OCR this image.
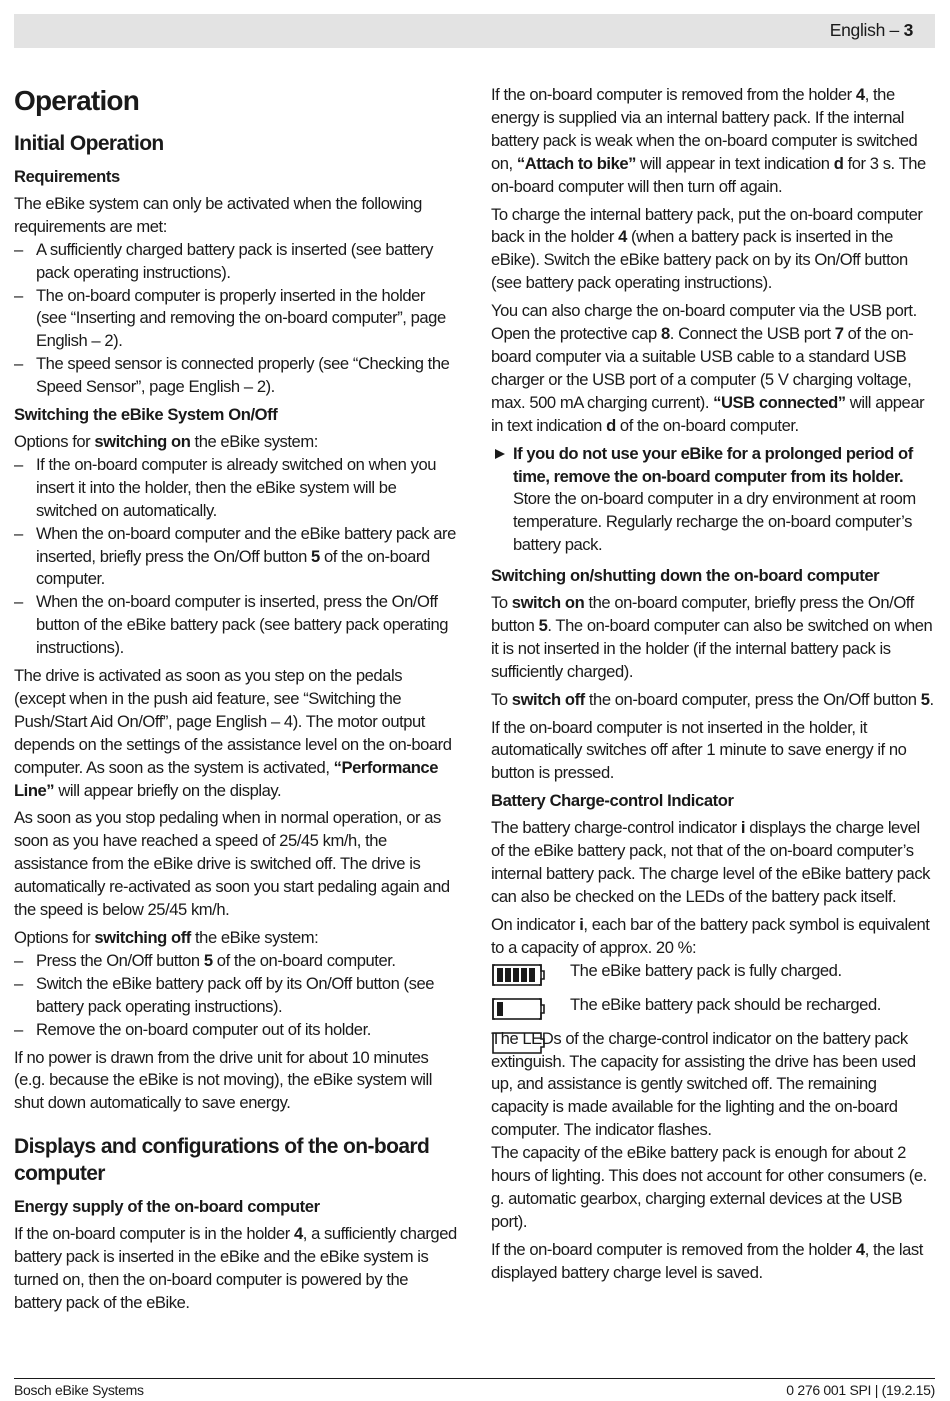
English – 3
Operation
Initial Operation
Requirements

The eBike system can only be activated when the following requirements are met:

– A sufficiently charged battery pack is inserted (see battery pack operating instructions).
– The on-board computer is properly inserted in the holder (see “Inserting and removing the on-board computer”, page English – 2).
– The speed sensor is connected properly (see “Checking the Speed Sensor”, page English – 2).
Switching the eBike System On/Off

Options for switching on the eBike system:

– If the on-board computer is already switched on when you insert it into the holder, then the eBike system will be switched on automatically.
– When the on-board computer and the eBike battery pack are inserted, briefly press the On/Off button 5 of the on-board computer.
– When the on-board computer is inserted, press the On/Off button of the eBike battery pack (see battery pack operating instructions).

The drive is activated as soon as you step on the pedals (except when in the push aid feature, see “Switching the Push/Start Aid On/Off”, page English – 4). The motor output depends on the settings of the assistance level on the on-board computer. As soon as the system is activated, “Performance Line” will appear briefly on the display.

As soon as you stop pedaling when in normal operation, or as soon as you have reached a speed of 25/45 km/h, the assistance from the eBike drive is switched off. The drive is automatically re-activated as soon you start pedaling again and the speed is below 25/45 km/h.

Options for switching off the eBike system:

– Press the On/Off button 5 of the on-board computer.
– Switch the eBike battery pack off by its On/Off button (see battery pack operating instructions).
– Remove the on-board computer out of its holder.

If no power is drawn from the drive unit for about 10 minutes (e.g. because the eBike is not moving), the eBike system will shut down automatically to save energy.

Displays and configurations of the on-board computer
Energy supply of the on-board computer

If the on-board computer is in the holder 4, a sufficiently charged battery pack is inserted in the eBike and the eBike system is turned on, then the on-board computer is powered by the battery pack of the eBike.

If the on-board computer is removed from the holder 4, the energy is supplied via an internal battery pack. If the internal battery pack is weak when the on-board computer is switched on, “Attach to bike” will appear in text indication d for 3 s. The on-board computer will then turn off again.

To charge the internal battery pack, put the on-board computer back in the holder 4 (when a battery pack is inserted in the eBike). Switch the eBike battery pack on by its On/Off button (see battery pack operating instructions).

You can also charge the on-board computer via the USB port. Open the protective cap 8. Connect the USB port 7 of the on-board computer via a suitable USB cable to a standard USB charger or the USB port of a computer (5 V charging voltage, max. 500 mA charging current). “USB connected” will appear in text indication d of the on-board computer.

If you do not use your eBike for a prolonged period of time, remove the on-board computer from its holder. Store the on-board computer in a dry environment at room temperature. Regularly recharge the on-board computer’s battery pack.
Switching on/shutting down the on-board computer

To switch on the on-board computer, briefly press the On/Off button 5. The on-board computer can also be switched on when it is not inserted in the holder (if the internal battery pack is sufficiently charged).

To switch off the on-board computer, press the On/Off button 5.

If the on-board computer is not inserted in the holder, it automatically switches off after 1 minute to save energy if no button is pressed.

Battery Charge-control Indicator

The battery charge-control indicator i displays the charge level of the eBike battery pack, not that of the on-board computer’s internal battery pack. The charge level of the eBike battery pack can also be checked on the LEDs of the battery pack itself.

On indicator i, each bar of the battery pack symbol is equivalent to a capacity of approx. 20 %:

The eBike battery pack is fully charged.
The eBike battery pack should be recharged.
The LEDs of the charge-control indicator on the battery pack extinguish. The capacity for assisting the drive has been used up, and assistance is gently switched off. The remaining capacity is made available for the lighting and the on-board computer. The indicator flashes.

The capacity of the eBike battery pack is enough for about 2 hours of lighting. This does not account for other consumers (e. g. automatic gearbox, charging external devices at the USB port).

If the on-board computer is removed from the holder 4, the last displayed battery charge level is saved.

Bosch eBike Systems	0 276 001 SPI | (19.2.15)
